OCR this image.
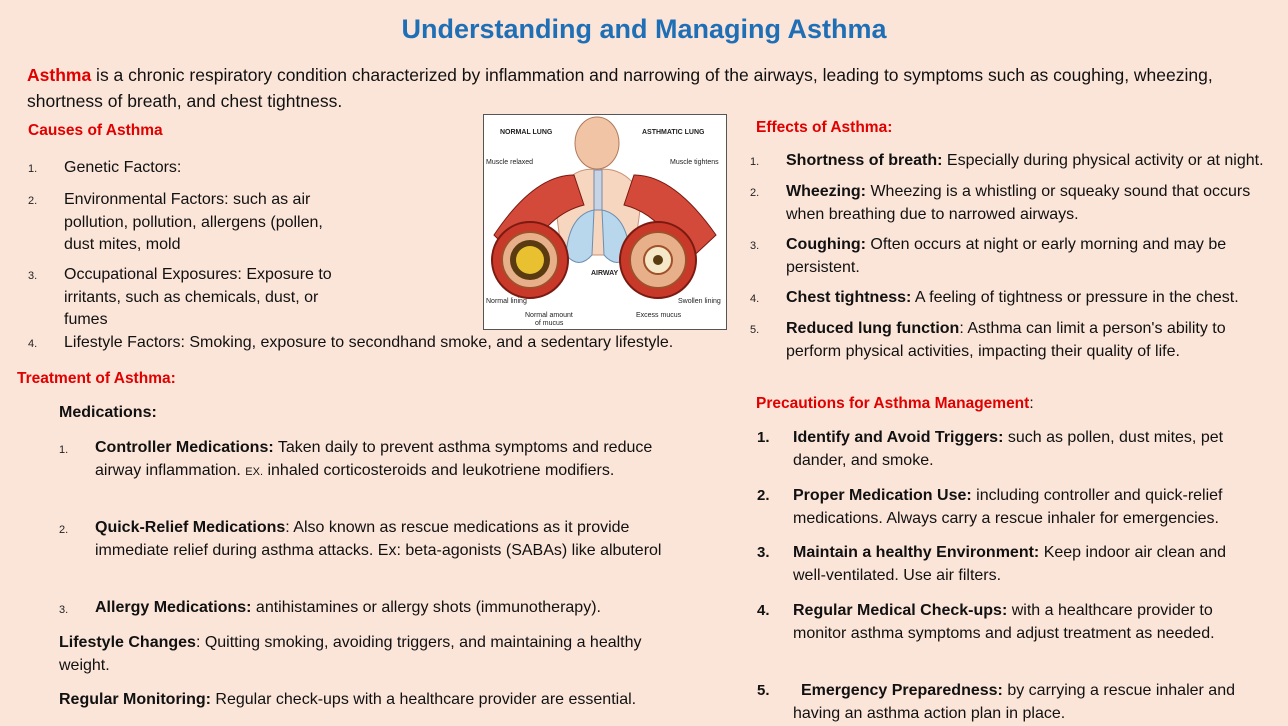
Understanding and Managing Asthma
Asthma is a chronic respiratory condition characterized by inflammation and narrowing of the airways, leading to symptoms such as coughing, wheezing, shortness of breath, and chest tightness.
Causes of Asthma
1. Genetic Factors:
2. Environmental Factors: such as air pollution, pollution, allergens (pollen, dust mites, mold
3. Occupational Exposures: Exposure to irritants, such as chemicals, dust, or fumes
4. Lifestyle Factors: Smoking, exposure to secondhand smoke, and a sedentary lifestyle.
NORMAL LUNG	ASTHMATIC LUNG
Muscle relaxed	Muscle tightens
AIRWAY
Normal lining	Swollen lining
Normal amount
of mucus
Excess mucus
Treatment of Asthma:
Medications:
1. Controller Medications: Taken daily to prevent asthma symptoms and reduce airway inflammation. EX. inhaled corticosteroids and leukotriene modifiers.
2. Quick-Relief Medications: Also known as rescue medications as it provide immediate relief during asthma attacks. Ex: beta-agonists (SABAs) like albuterol
3. Allergy Medications: antihistamines or allergy shots (immunotherapy).
Lifestyle Changes: Quitting smoking, avoiding triggers, and maintaining a healthy weight.
Regular Monitoring: Regular check-ups with a healthcare provider are essential.
Effects of Asthma:
1. Shortness of breath: Especially during physical activity or at night.
2. Wheezing: Wheezing is a whistling or squeaky sound that occurs when breathing due to narrowed airways.
3. Coughing: Often occurs at night or early morning and may be persistent.
4. Chest tightness: A feeling of tightness or pressure in the chest.
5. Reduced lung function: Asthma can limit a person's ability to perform physical activities, impacting their quality of life.
Precautions for Asthma Management:
1. Identify and Avoid Triggers: such as pollen, dust mites, pet dander, and smoke.
2. Proper Medication Use: including controller and quick-relief medications. Always carry a rescue inhaler for emergencies.
3. Maintain a healthy Environment: Keep indoor air clean and well-ventilated. Use air filters.
4. Regular Medical Check-ups: with a healthcare provider to monitor asthma symptoms and adjust treatment as needed.
5.	Emergency Preparedness: by carrying a rescue inhaler and having an asthma action plan in place.
